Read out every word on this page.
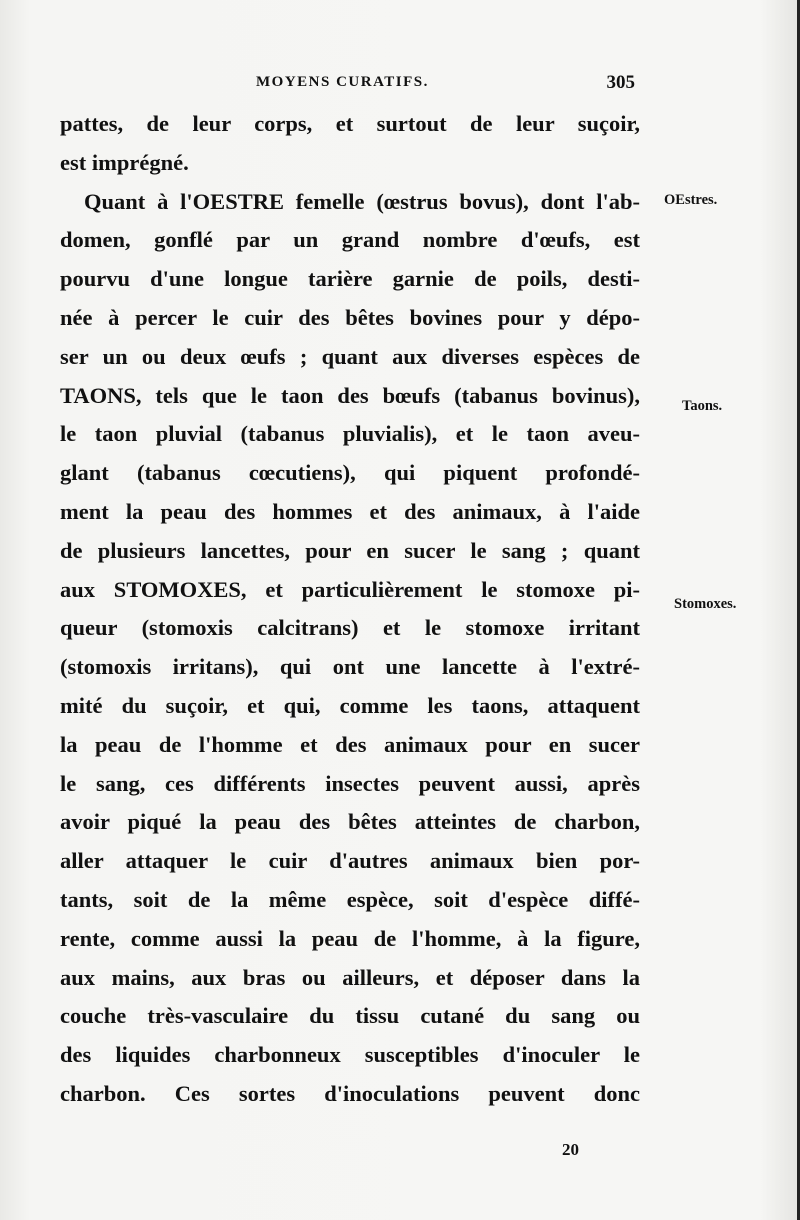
MOYENS CURATIFS.	305
pattes, de leur corps, et surtout de leur suçoir,
est imprégné.
Quant à l'OESTRE femelle (œstrus bovus), dont l'ab-
domen, gonflé par un grand nombre d'œufs, est
pourvu d'une longue tarière garnie de poils, desti-
née à percer le cuir des bêtes bovines pour y dépo-
ser un ou deux œufs ; quant aux diverses espèces de
TAONS, tels que le taon des bœufs (tabanus bovinus),
le taon pluvial (tabanus pluvialis), et le taon aveu-
glant (tabanus cœcutiens), qui piquent profondé-
ment la peau des hommes et des animaux, à l'aide
de plusieurs lancettes, pour en sucer le sang ; quant
aux STOMOXES, et particulièrement le stomoxe pi-
queur (stomoxis calcitrans) et le stomoxe irritant
(stomoxis irritans), qui ont une lancette à l'extré-
mité du suçoir, et qui, comme les taons, attaquent
la peau de l'homme et des animaux pour en sucer
le sang, ces différents insectes peuvent aussi, après
avoir piqué la peau des bêtes atteintes de charbon,
aller attaquer le cuir d'autres animaux bien por-
tants, soit de la même espèce, soit d'espèce diffé-
rente, comme aussi la peau de l'homme, à la figure,
aux mains, aux bras ou ailleurs, et déposer dans la
couche très-vasculaire du tissu cutané du sang ou
des liquides charbonneux susceptibles d'inoculer le
charbon. Ces sortes d'inoculations peuvent donc
OEstres.
Taons.
Stomoxes.
20
